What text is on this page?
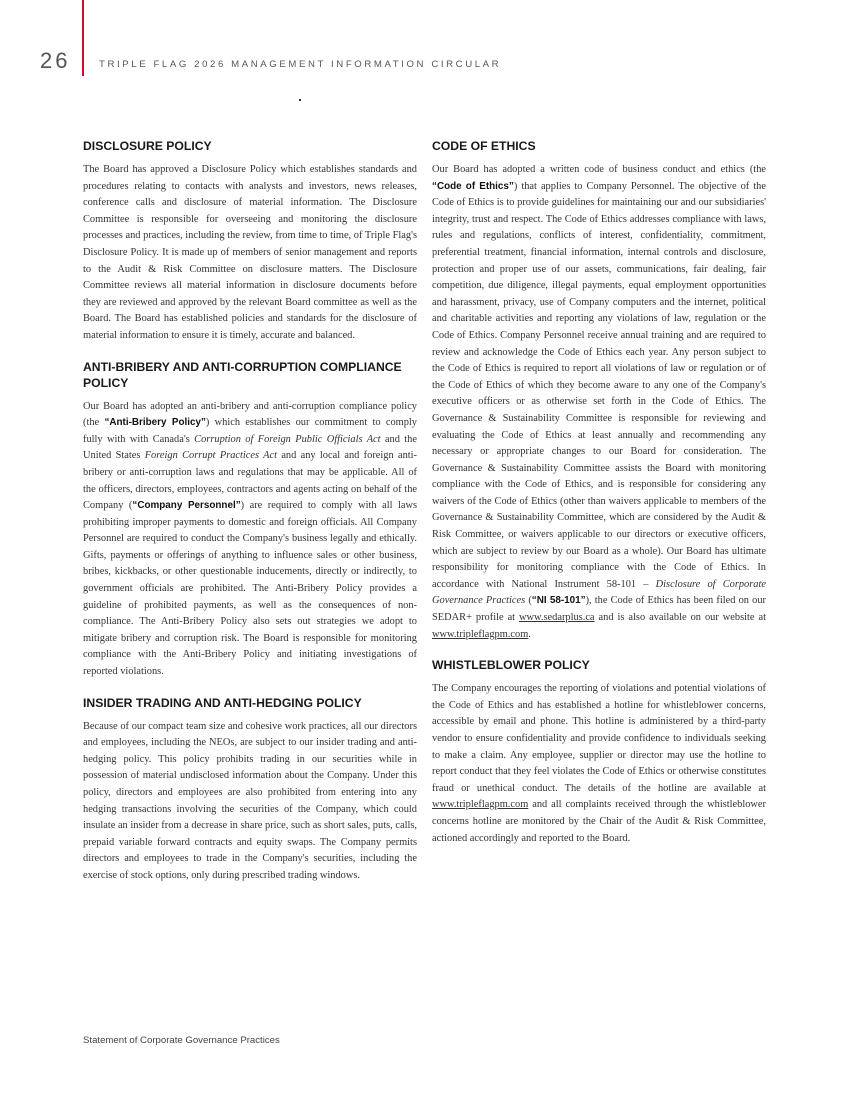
26	TRIPLE FLAG 2026 MANAGEMENT INFORMATION CIRCULAR
DISCLOSURE POLICY

The Board has approved a Disclosure Policy which establishes standards and procedures relating to contacts with analysts and investors, news releases, conference calls and disclosure of material information. The Disclosure Committee is responsible for overseeing and monitoring the disclosure processes and practices, including the review, from time to time, of Triple Flag's Disclosure Policy. It is made up of members of senior management and reports to the Audit & Risk Committee on disclosure matters. The Disclosure Committee reviews all material information in disclosure documents before they are reviewed and approved by the relevant Board committee as well as the Board. The Board has established policies and standards for the disclosure of material information to ensure it is timely, accurate and balanced.

ANTI-BRIBERY AND ANTI-CORRUPTION COMPLIANCE POLICY

Our Board has adopted an anti-bribery and anti-corruption compliance policy (the “Anti-Bribery Policy”) which establishes our commitment to comply fully with with Canada's Corruption of Foreign Public Officials Act and the United States Foreign Corrupt Practices Act and any local and foreign anti-bribery or anti-corruption laws and regulations that may be applicable. All of the officers, directors, employees, contractors and agents acting on behalf of the Company (“Company Personnel”) are required to comply with all laws prohibiting improper payments to domestic and foreign officials. All Company Personnel are required to conduct the Company's business legally and ethically. Gifts, payments or offerings of anything to influence sales or other business, bribes, kickbacks, or other questionable inducements, directly or indirectly, to government officials are prohibited. The Anti-Bribery Policy provides a guideline of prohibited payments, as well as the consequences of non-compliance. The Anti-Bribery Policy also sets out strategies we adopt to mitigate bribery and corruption risk. The Board is responsible for monitoring compliance with the Anti-Bribery Policy and initiating investigations of reported violations.

INSIDER TRADING AND ANTI-HEDGING POLICY

Because of our compact team size and cohesive work practices, all our directors and employees, including the NEOs, are subject to our insider trading and anti-hedging policy. This policy prohibits trading in our securities while in possession of material undisclosed information about the Company. Under this policy, directors and employees are also prohibited from entering into any hedging transactions involving the securities of the Company, which could insulate an insider from a decrease in share price, such as short sales, puts, calls, prepaid variable forward contracts and equity swaps. The Company permits directors and employees to trade in the Company's securities, including the exercise of stock options, only during prescribed trading windows.

CODE OF ETHICS

Our Board has adopted a written code of business conduct and ethics (the “Code of Ethics”) that applies to Company Personnel. The objective of the Code of Ethics is to provide guidelines for maintaining our and our subsidiaries' integrity, trust and respect. The Code of Ethics addresses compliance with laws, rules and regulations, conflicts of interest, confidentiality, commitment, preferential treatment, financial information, internal controls and disclosure, protection and proper use of our assets, communications, fair dealing, fair competition, due diligence, illegal payments, equal employment opportunities and harassment, privacy, use of Company computers and the internet, political and charitable activities and reporting any violations of law, regulation or the Code of Ethics. Company Personnel receive annual training and are required to review and acknowledge the Code of Ethics each year. Any person subject to the Code of Ethics is required to report all violations of law or regulation or of the Code of Ethics of which they become aware to any one of the Company's executive officers or as otherwise set forth in the Code of Ethics. The Governance & Sustainability Committee is responsible for reviewing and evaluating the Code of Ethics at least annually and recommending any necessary or appropriate changes to our Board for consideration. The Governance & Sustainability Committee assists the Board with monitoring compliance with the Code of Ethics, and is responsible for considering any waivers of the Code of Ethics (other than waivers applicable to members of the Governance & Sustainability Committee, which are considered by the Audit & Risk Committee, or waivers applicable to our directors or executive officers, which are subject to review by our Board as a whole). Our Board has ultimate responsibility for monitoring compliance with the Code of Ethics. In accordance with National Instrument 58-101 – Disclosure of Corporate Governance Practices (“NI 58-101”), the Code of Ethics has been filed on our SEDAR+ profile at www.sedarplus.ca and is also available on our website at www.tripleflagpm.com.

WHISTLEBLOWER POLICY

The Company encourages the reporting of violations and potential violations of the Code of Ethics and has established a hotline for whistleblower concerns, accessible by email and phone. This hotline is administered by a third-party vendor to ensure confidentiality and provide confidence to individuals seeking to make a claim. Any employee, supplier or director may use the hotline to report conduct that they feel violates the Code of Ethics or otherwise constitutes fraud or unethical conduct. The details of the hotline are available at www.tripleflagpm.com and all complaints received through the whistleblower concerns hotline are monitored by the Chair of the Audit & Risk Committee, actioned accordingly and reported to the Board.

Statement of Corporate Governance Practices
